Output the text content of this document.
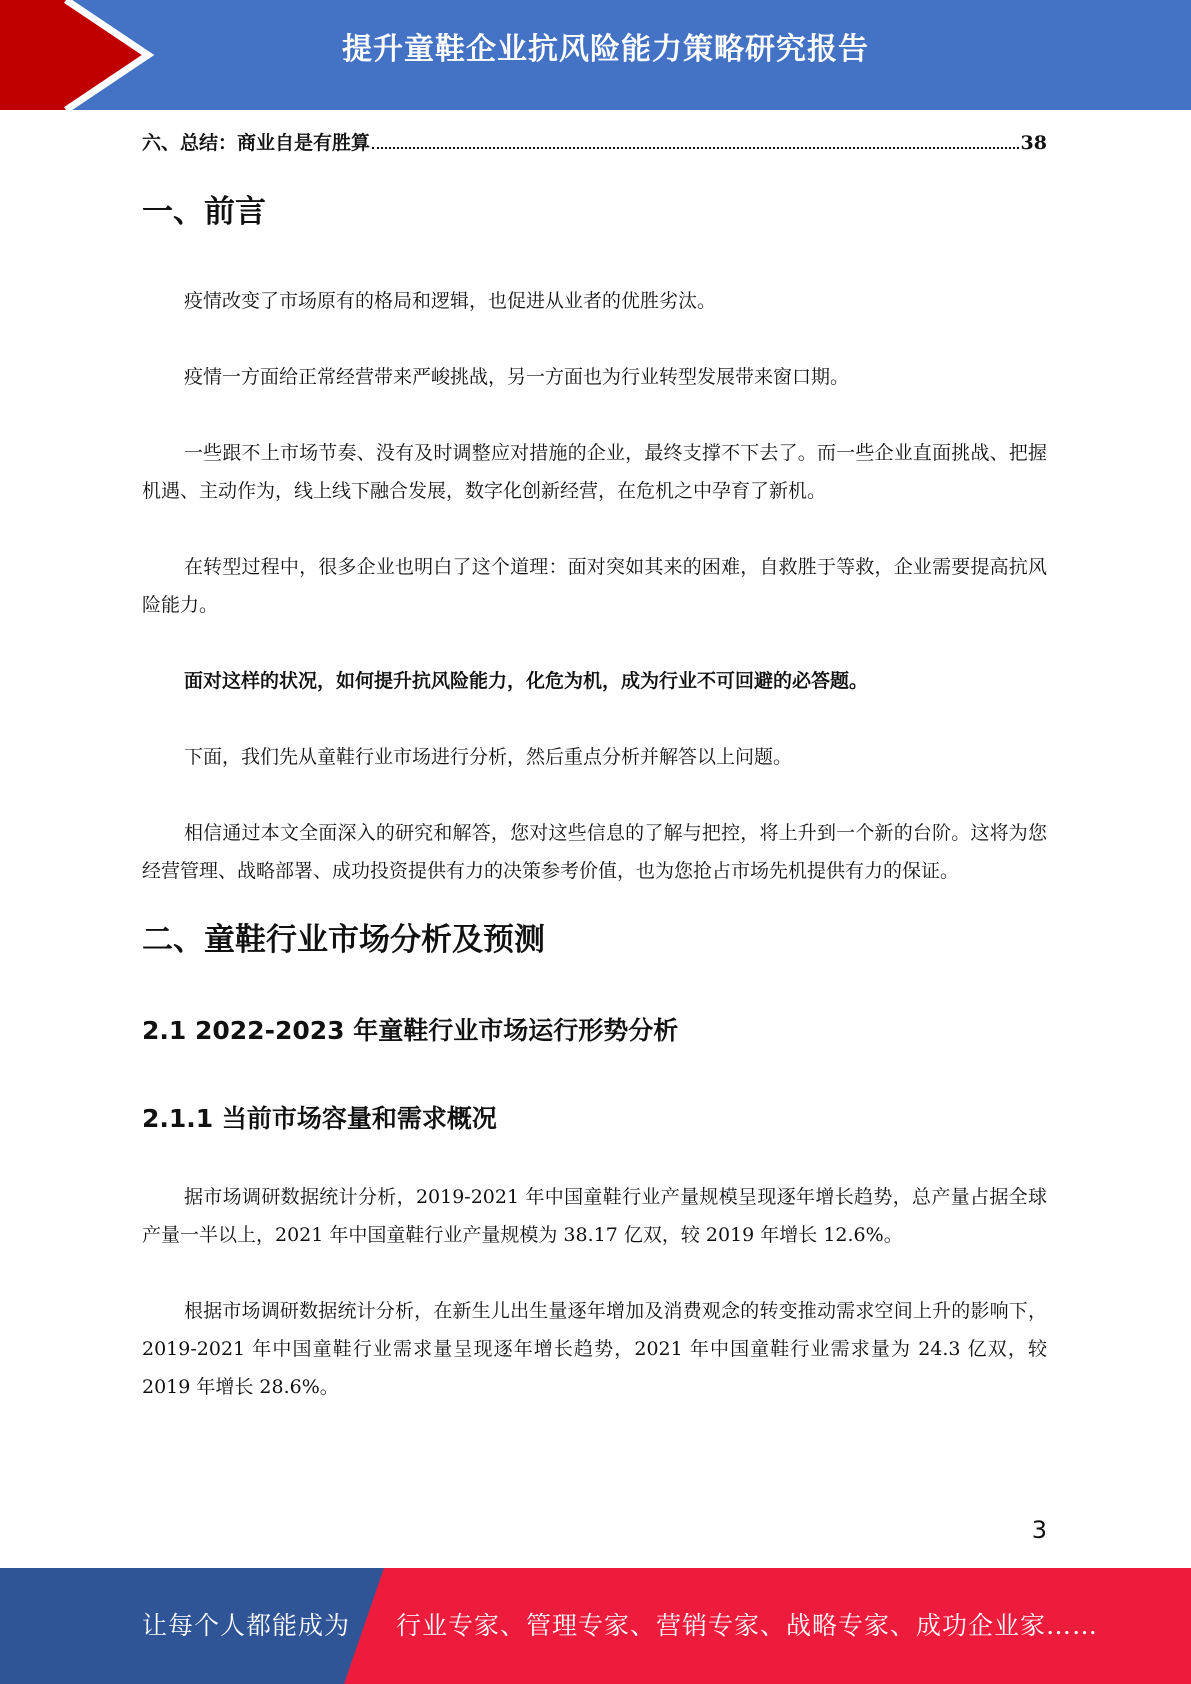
提升童鞋企业抗风险能力策略研究报告
六、总结：商业自是有胜算	38
一、前言

疫情改变了市场原有的格局和逻辑，也促进从业者的优胜劣汰。

疫情一方面给正常经营带来严峻挑战，另一方面也为行业转型发展带来窗口期。

一些跟不上市场节奏、没有及时调整应对措施的企业，最终支撑不下去了。而一些企业直面挑战、把握机遇、主动作为，线上线下融合发展，数字化创新经营，在危机之中孕育了新机。

在转型过程中，很多企业也明白了这个道理：面对突如其来的困难，自救胜于等救，企业需要提高抗风险能力。

面对这样的状况，如何提升抗风险能力，化危为机，成为行业不可回避的必答题。

下面，我们先从童鞋行业市场进行分析，然后重点分析并解答以上问题。

相信通过本文全面深入的研究和解答，您对这些信息的了解与把控，将上升到一个新的台阶。这将为您经营管理、战略部署、成功投资提供有力的决策参考价值，也为您抢占市场先机提供有力的保证。

二、童鞋行业市场分析及预测
2.1 2022-2023 年童鞋行业市场运行形势分析
2.1.1 当前市场容量和需求概况

据市场调研数据统计分析，2019-2021 年中国童鞋行业产量规模呈现逐年增长趋势，总产量占据全球产量一半以上，2021 年中国童鞋行业产量规模为 38.17 亿双，较 2019 年增长 12.6%。

根据市场调研数据统计分析，在新生儿出生量逐年增加及消费观念的转变推动需求空间上升的影响下，2019-2021 年中国童鞋行业需求量呈现逐年增长趋势，2021 年中国童鞋行业需求量为 24.3 亿双，较 2019 年增长 28.6%。

3
让每个人都能成为 行业专家、管理专家、营销专家、战略专家、成功企业家……
